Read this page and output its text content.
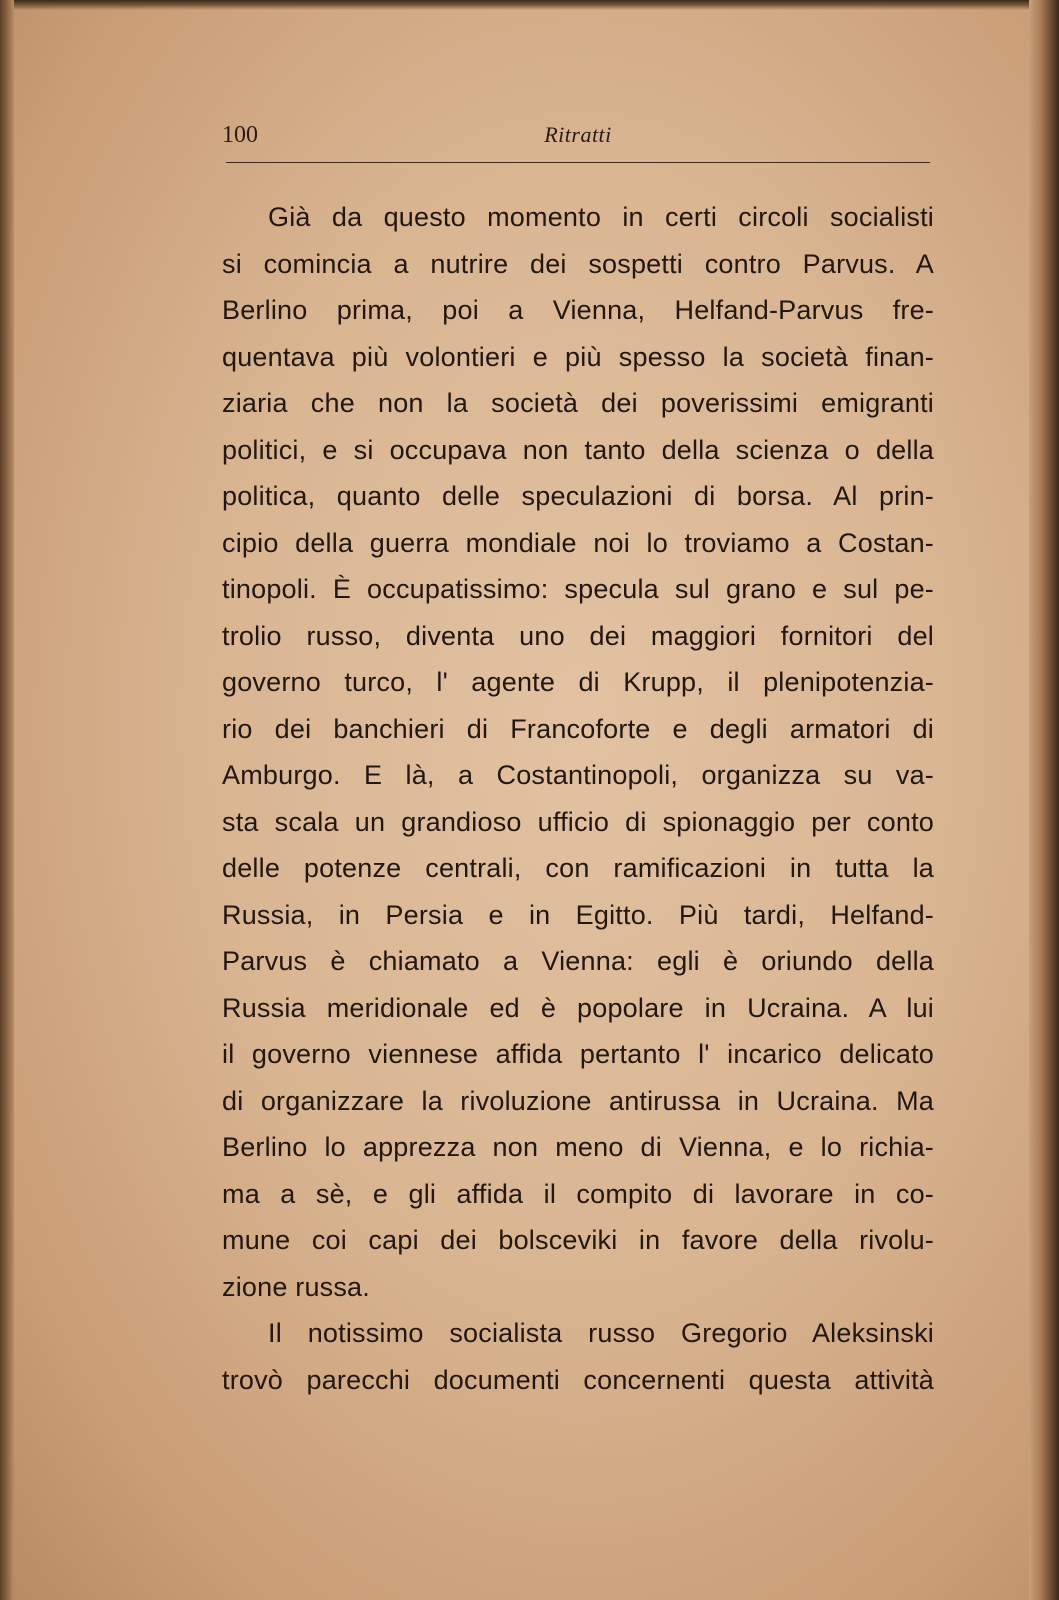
100	Ritratti
Già da questo momento in certi circoli socialisti
si comincia a nutrire dei sospetti contro Parvus. A
Berlino prima, poi a Vienna, Helfand-Parvus fre-
quentava più volontieri e più spesso la società finan-
ziaria che non la società dei poverissimi emigranti
politici, e si occupava non tanto della scienza o della
politica, quanto delle speculazioni di borsa. Al prin-
cipio della guerra mondiale noi lo troviamo a Costan-
tinopoli. È occupatissimo: specula sul grano e sul pe-
trolio russo, diventa uno dei maggiori fornitori del
governo turco, l' agente di Krupp, il plenipotenzia-
rio dei banchieri di Francoforte e degli armatori di
Amburgo. E là, a Costantinopoli, organizza su va-
sta scala un grandioso ufficio di spionaggio per conto
delle potenze centrali, con ramificazioni in tutta la
Russia, in Persia e in Egitto. Più tardi, Helfand-
Parvus è chiamato a Vienna: egli è oriundo della
Russia meridionale ed è popolare in Ucraina. A lui
il governo viennese affida pertanto l' incarico delicato
di organizzare la rivoluzione antirussa in Ucraina. Ma
Berlino lo apprezza non meno di Vienna, e lo richia-
ma a sè, e gli affida il compito di lavorare in co-
mune coi capi dei bolsceviki in favore della rivolu-
zione russa.
Il notissimo socialista russo Gregorio Aleksinski
trovò parecchi documenti concernenti questa attività
